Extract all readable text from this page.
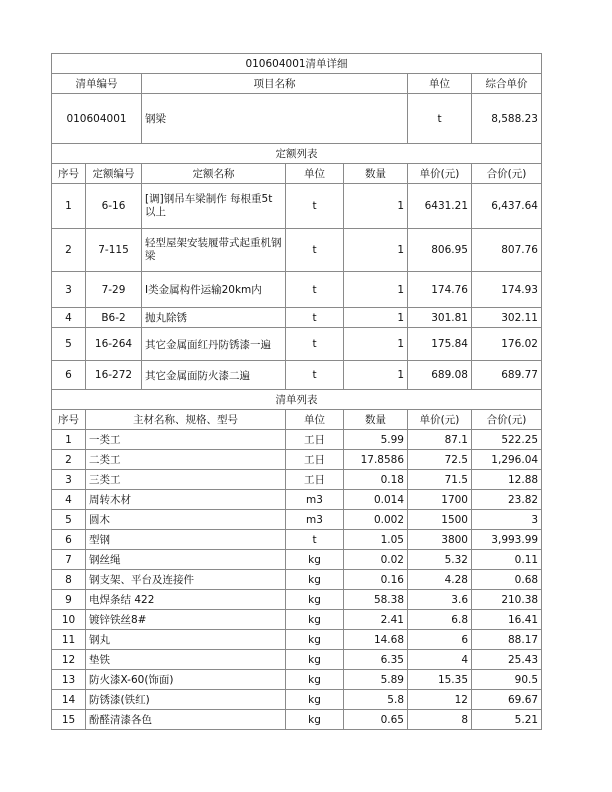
010604001清单详细			
清单编号	项目名称	单位	综合单价
010604001	钢梁	t	8,588.23
定额列表						
序号	定额编号	定额名称	单位	数量	单价(元)	合价(元)
1	6-16	[调]钢吊车梁制作 每根重5t以上	t	1	6431.21	6,437.64
2	7-115	轻型屋架安装履带式起重机钢梁	t	1	806.95	807.76
3	7-29	Ⅰ类金属构件运输20km内	t	1	174.76	174.93
4	B6-2	抛丸除锈	t	1	301.81	302.11
5	16-264	其它金属面红丹防锈漆一遍	t	1	175.84	176.02
6	16-272	其它金属面防火漆二遍	t	1	689.08	689.77
清单列表					
序号	主材名称、规格、型号	单位	数量	单价(元)	合价(元)
1	一类工	工日	5.99	87.1	522.25
2	二类工	工日	17.8586	72.5	1,296.04
3	三类工	工日	0.18	71.5	12.88
4	周转木材	m3	0.014	1700	23.82
5	圆木	m3	0.002	1500	3
6	型钢	t	1.05	3800	3,993.99
7	钢丝绳	kg	0.02	5.32	0.11
8	钢支架、平台及连接件	kg	0.16	4.28	0.68
9	电焊条结 422	kg	58.38	3.6	210.38
10	镀锌铁丝8#	kg	2.41	6.8	16.41
11	钢丸	kg	14.68	6	88.17
12	垫铁	kg	6.35	4	25.43
13	防火漆X-60(饰面)	kg	5.89	15.35	90.5
14	防锈漆(铁红)	kg	5.8	12	69.67
15	酚醛清漆各色	kg	0.65	8	5.21
